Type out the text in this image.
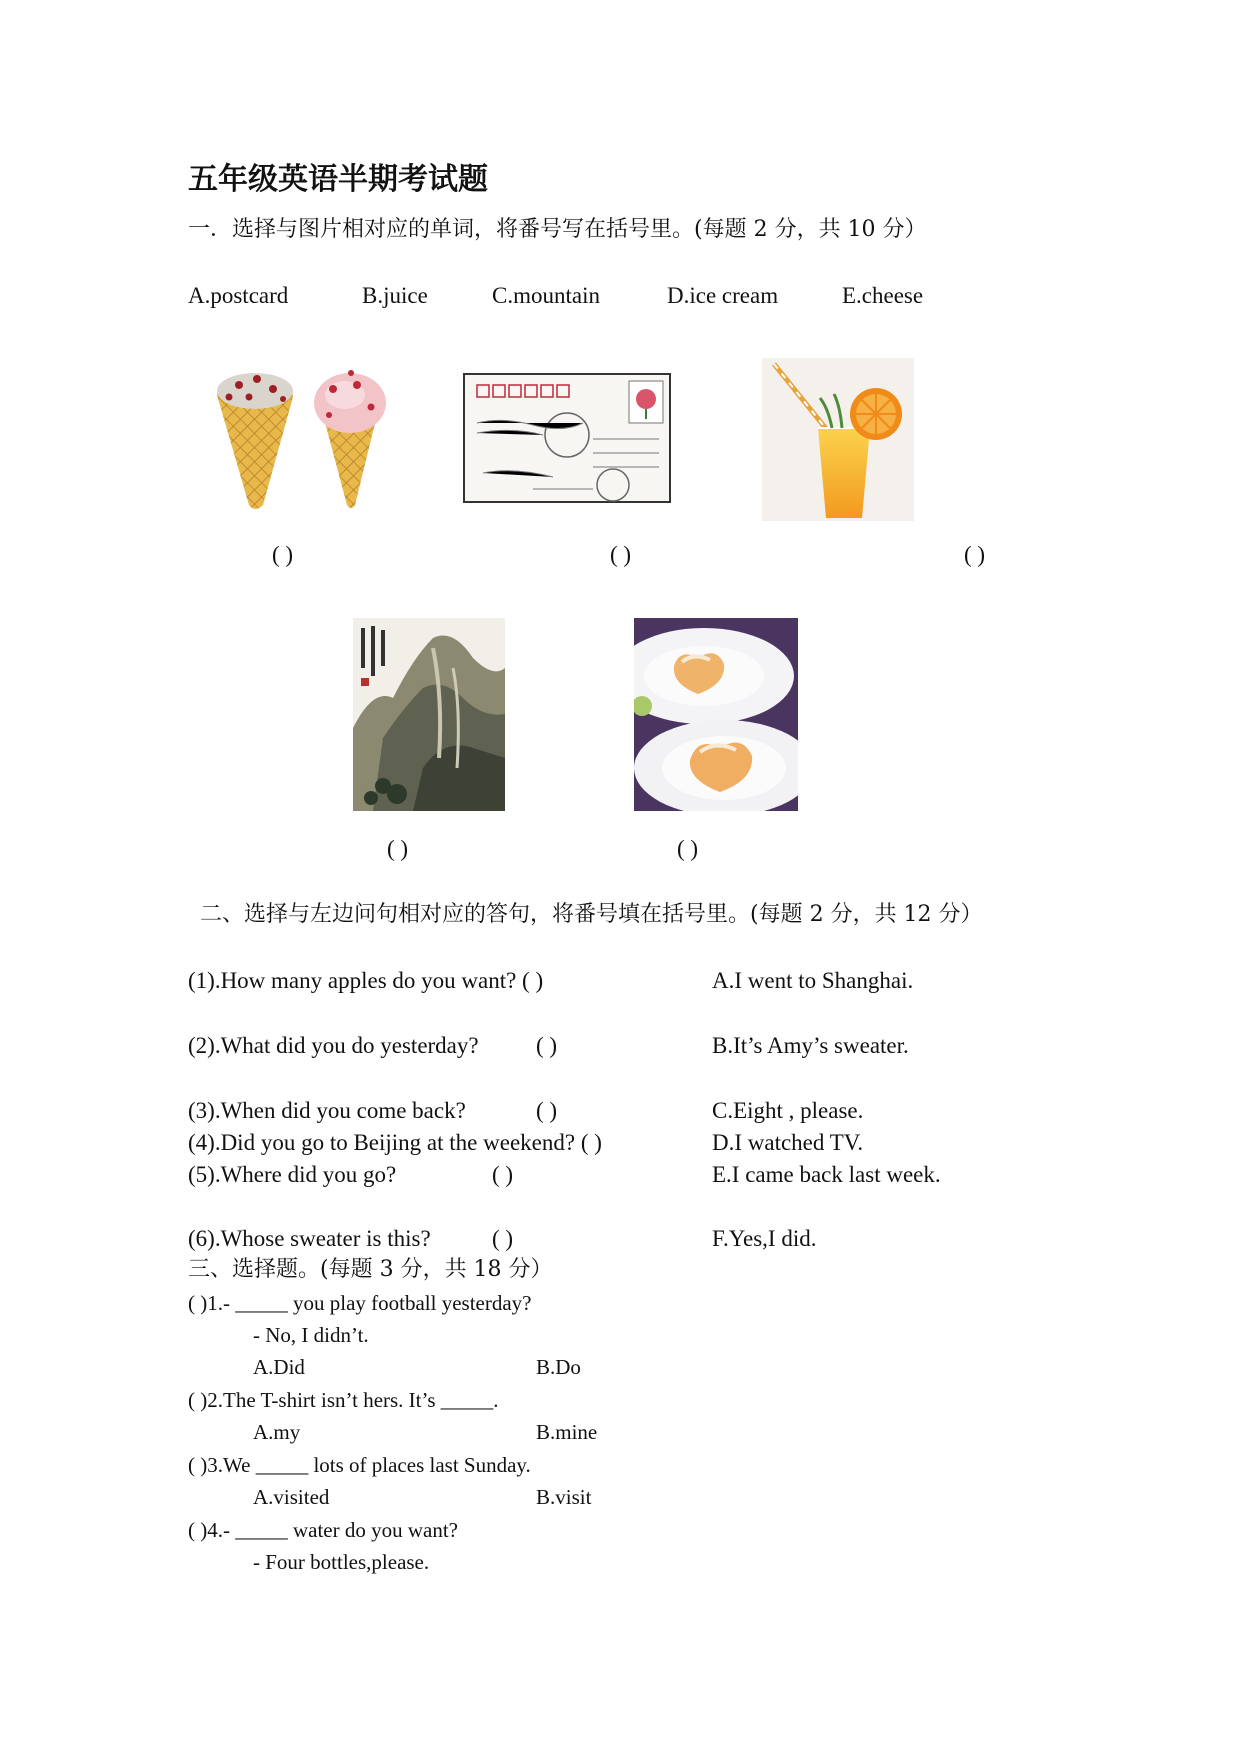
五年级英语半期考试题
一．选择与图片相对应的单词，将番号写在括号里。(每题 2 分，共 10 分）
A.postcard	B.juice	C.mountain	D.ice cream	E.cheese
( )	( )	( )
( )	( )
二、选择与左边问句相对应的答句，将番号填在括号里。(每题 2 分，共 12 分）
(1).How many apples do you want? ( )	A.I went to Shanghai.
(2).What did you do yesterday? ( )	B.It’s Amy’s sweater.
(3).When did you come back?	( )	C.Eight , please.
(4).Did you go to Beijing at the weekend? ( )	D.I watched TV.
(5).Where did you go?	( )	E.I came back last week.
(6).Whose sweater is this?	( )	F.Yes,I did.
三、选择题。(每题 3 分，共 18 分）
( )1.- _____ you play football yesterday?
- No, I didn’t.
A.Did	B.Do
( )2.The T-shirt isn’t hers. It’s _____.
A.my	B.mine
( )3.We _____ lots of places last Sunday.
A.visited	B.visit
( )4.- _____ water do you want?
- Four bottles,please.
